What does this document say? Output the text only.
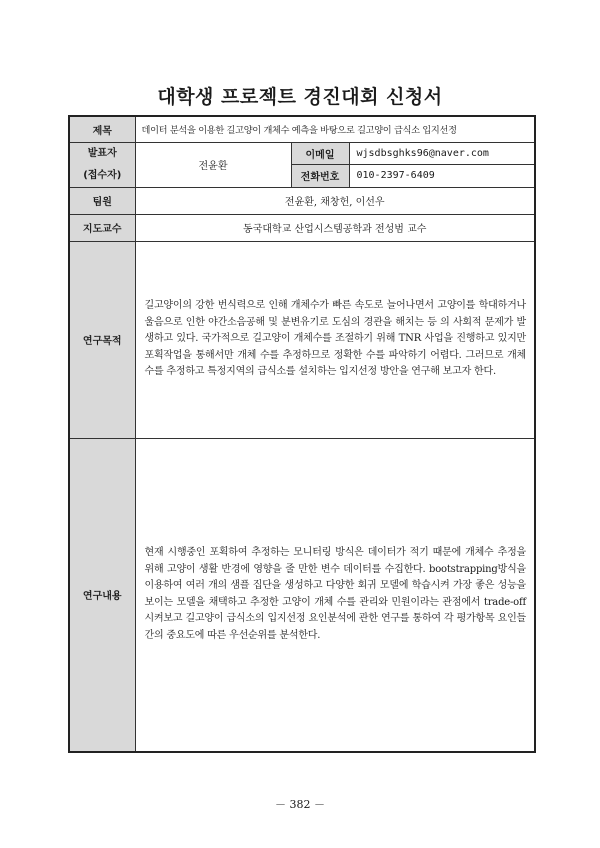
대학생 프로젝트 경진대회 신청서
제목	데이터 분석을 이용한 길고양이 개체수 예측을 바탕으로 길고양이 급식소 입지선정		

발표자
(접수자)	전윤환	이메일	wjsdbsghks96@naver.com
		전화번호	010-2397-6409
팀원	전윤환, 채창헌, 이선우		
지도교수	동국대학교 산업시스템공학과 전성범 교수		
연구목적	길고양이의 강한 번식력으로 인해 개체수가 빠른 속도로 늘어나면서 고양이를 학대하거나 울음으로 인한 야간소음공해 및 분변유기로 도심의 경관을 해치는 등 의 사회적 문제가 발생하고 있다. 국가적으로 길고양이 개체수를 조절하기 위해 TNR 사업을 진행하고 있지만 포획작업을 통해서만 개체 수를 추정하므로 정확한 수를 파악하기 어렵다. 그러므로 개체 수를 추정하고 특정지역의 급식소를 설치하는 입지선정 방안을 연구해 보고자 한다.		
연구내용	현재 시행중인 포획하여 추정하는 모니터링 방식은 데이터가 적기 때문에 개체수 추정을 위해 고양이 생활 반경에 영향을 줄 만한 변수 데이터를 수집한다. bootstrapping방식을 이용하여 여러 개의 샘플 집단을 생성하고 다양한 회귀 모델에 학습시켜 가장 좋은 성능을 보이는 모델을 채택하고 추정한 고양이 개체 수를 관리와 민원이라는 관점에서 trade-off 시켜보고 길고양이 급식소의 입지선정 요인분석에 관한 연구를 통하여 각 평가항목 요인들 간의 중요도에 따른 우선순위를 분석한다.		
－ 382 －
